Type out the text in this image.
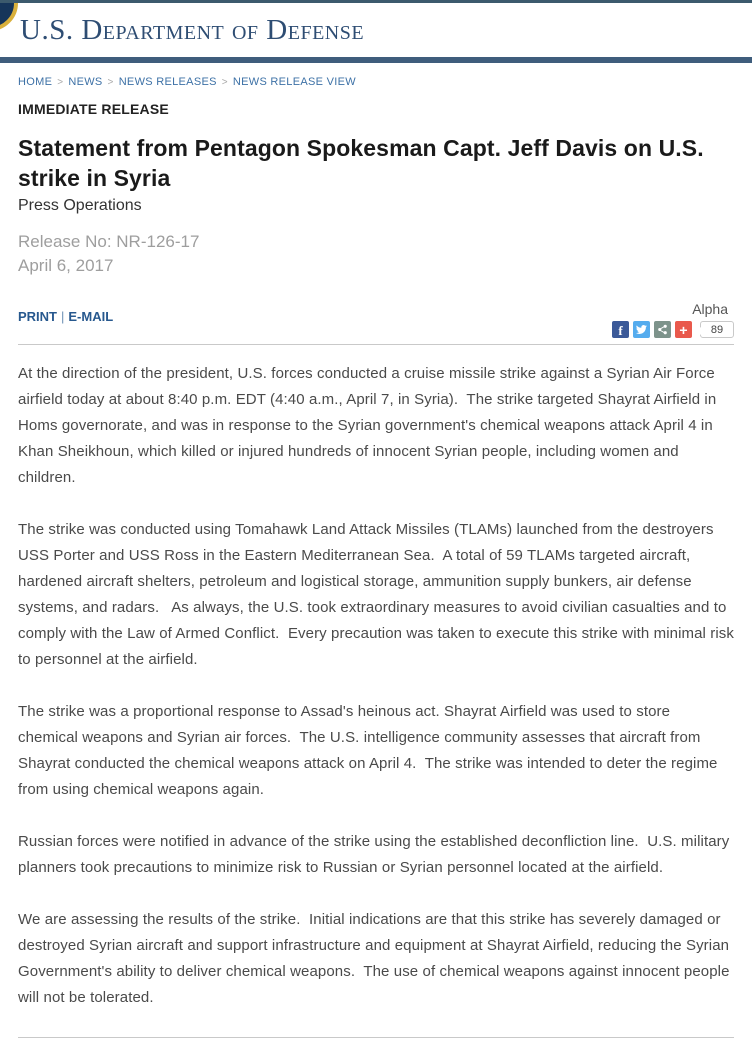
U.S. Department of Defense
HOME > NEWS > NEWS RELEASES > NEWS RELEASE VIEW
IMMEDIATE RELEASE
Statement from Pentagon Spokesman Capt. Jeff Davis on U.S. strike in Syria
Press Operations
Release No: NR-126-17
April 6, 2017
PRINT | E-MAIL	Alpha
f	+	89

At the direction of the president, U.S. forces conducted a cruise missile strike against a Syrian Air Force airfield today at about 8:40 p.m. EDT (4:40 a.m., April 7, in Syria).  The strike targeted Shayrat Airfield in Homs governorate, and was in response to the Syrian government's chemical weapons attack April 4 in Khan Sheikhoun, which killed or injured hundreds of innocent Syrian people, including women and children.

The strike was conducted using Tomahawk Land Attack Missiles (TLAMs) launched from the destroyers USS Porter and USS Ross in the Eastern Mediterranean Sea.  A total of 59 TLAMs targeted aircraft, hardened aircraft shelters, petroleum and logistical storage, ammunition supply bunkers, air defense systems, and radars.   As always, the U.S. took extraordinary measures to avoid civilian casualties and to comply with the Law of Armed Conflict.  Every precaution was taken to execute this strike with minimal risk to personnel at the airfield.

The strike was a proportional response to Assad's heinous act. Shayrat Airfield was used to store chemical weapons and Syrian air forces.  The U.S. intelligence community assesses that aircraft from Shayrat conducted the chemical weapons attack on April 4.  The strike was intended to deter the regime from using chemical weapons again.

Russian forces were notified in advance of the strike using the established deconfliction line.  U.S. military planners took precautions to minimize risk to Russian or Syrian personnel located at the airfield.

We are assessing the results of the strike.  Initial indications are that this strike has severely damaged or destroyed Syrian aircraft and support infrastructure and equipment at Shayrat Airfield, reducing the Syrian Government's ability to deliver chemical weapons.  The use of chemical weapons against innocent people will not be tolerated.
